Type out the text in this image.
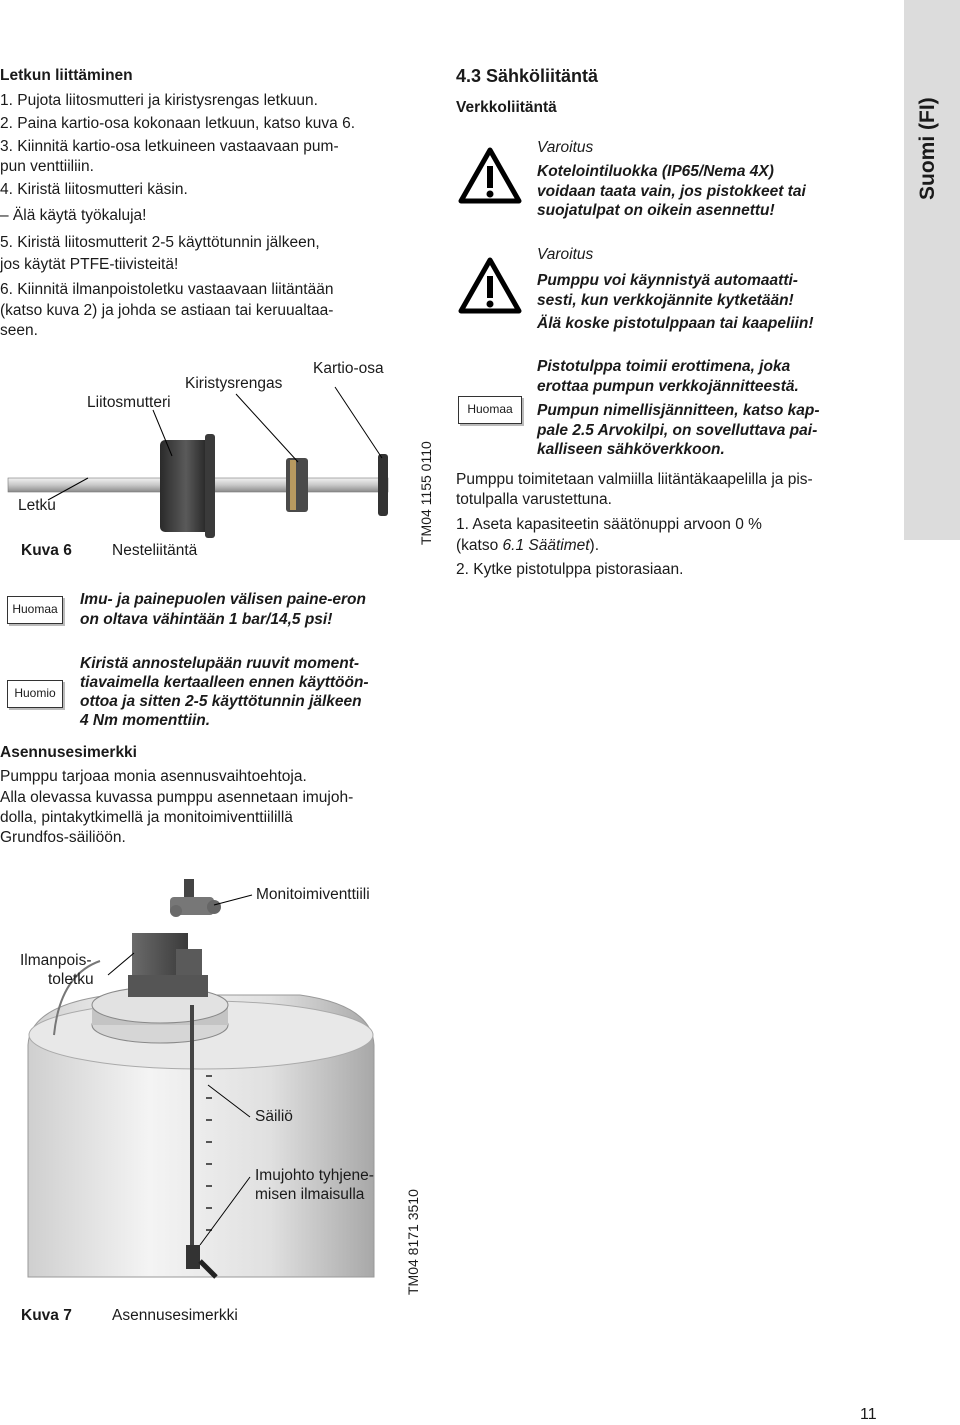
Suomi (FI)
Letkun liittäminen
1. Pujota liitosmutteri ja kiristysrengas letkuun.
2. Paina kartio-osa kokonaan letkuun, katso kuva 6.
3. Kiinnitä kartio-osa letkuineen vastaavaan pum-
pun venttiiliin.
4. Kiristä liitosmutteri käsin.
– Älä käytä työkaluja!
5. Kiristä liitosmutterit 2-5 käyttötunnin jälkeen,
jos käytät PTFE-tiivisteitä!
6. Kiinnitä ilmanpoistoletku vastaavaan liitäntään
(katso kuva 2) ja johda se astiaan tai keruualtaa-
seen.
Kartio-osa
Kiristysrengas
Liitosmutteri
Letku
Kuva 6	Nesteliitäntä
TM04 1155 0110
Huomaa
Imu- ja painepuolen välisen paine-eron
on oltava vähintään 1 bar/14,5 psi!
Huomio
Kiristä annostelupään ruuvit moment-
tiavaimella kertaalleen ennen käyttöön-
ottoa ja sitten 2-5 käyttötunnin jälkeen
4 Nm momenttiin.
Asennusesimerkki
Pumppu tarjoaa monia asennusvaihtoehtoja.
Alla olevassa kuvassa pumppu asennetaan imujoh-
dolla, pintakytkimellä ja monitoimiventtiilillä
Grundfos-säiliöön.
Monitoimiventtiili
Ilmanpois-
toletku
Säiliö
Imujohto tyhjene-
misen ilmaisulla
Kuva 7	Asennusesimerkki
TM04 8171 3510
4.3 Sähköliitäntä
Verkkoliitäntä
Varoitus
Kotelointiluokka (IP65/Nema 4X)
voidaan taata vain, jos pistokkeet tai
suojatulpat on oikein asennettu!
Varoitus
Pumppu voi käynnistyä automaatti-
sesti, kun verkkojännite kytketään!
Älä koske pistotulppaan tai kaapeliin!
Huomaa
Pistotulppa toimii erottimena, joka
erottaa pumpun verkkojännitteestä.
Pumpun nimellisjännitteen, katso kap-
pale 2.5 Arvokilpi, on sovelluttava pai-
kalliseen sähköverkkoon.
Pumppu toimitetaan valmiilla liitäntäkaapelilla ja pis-
totulpalla varustettuna.
1. Aseta kapasiteetin säätönuppi arvoon 0 %
(katso 6.1 Säätimet).
2. Kytke pistotulppa pistorasiaan.
11
